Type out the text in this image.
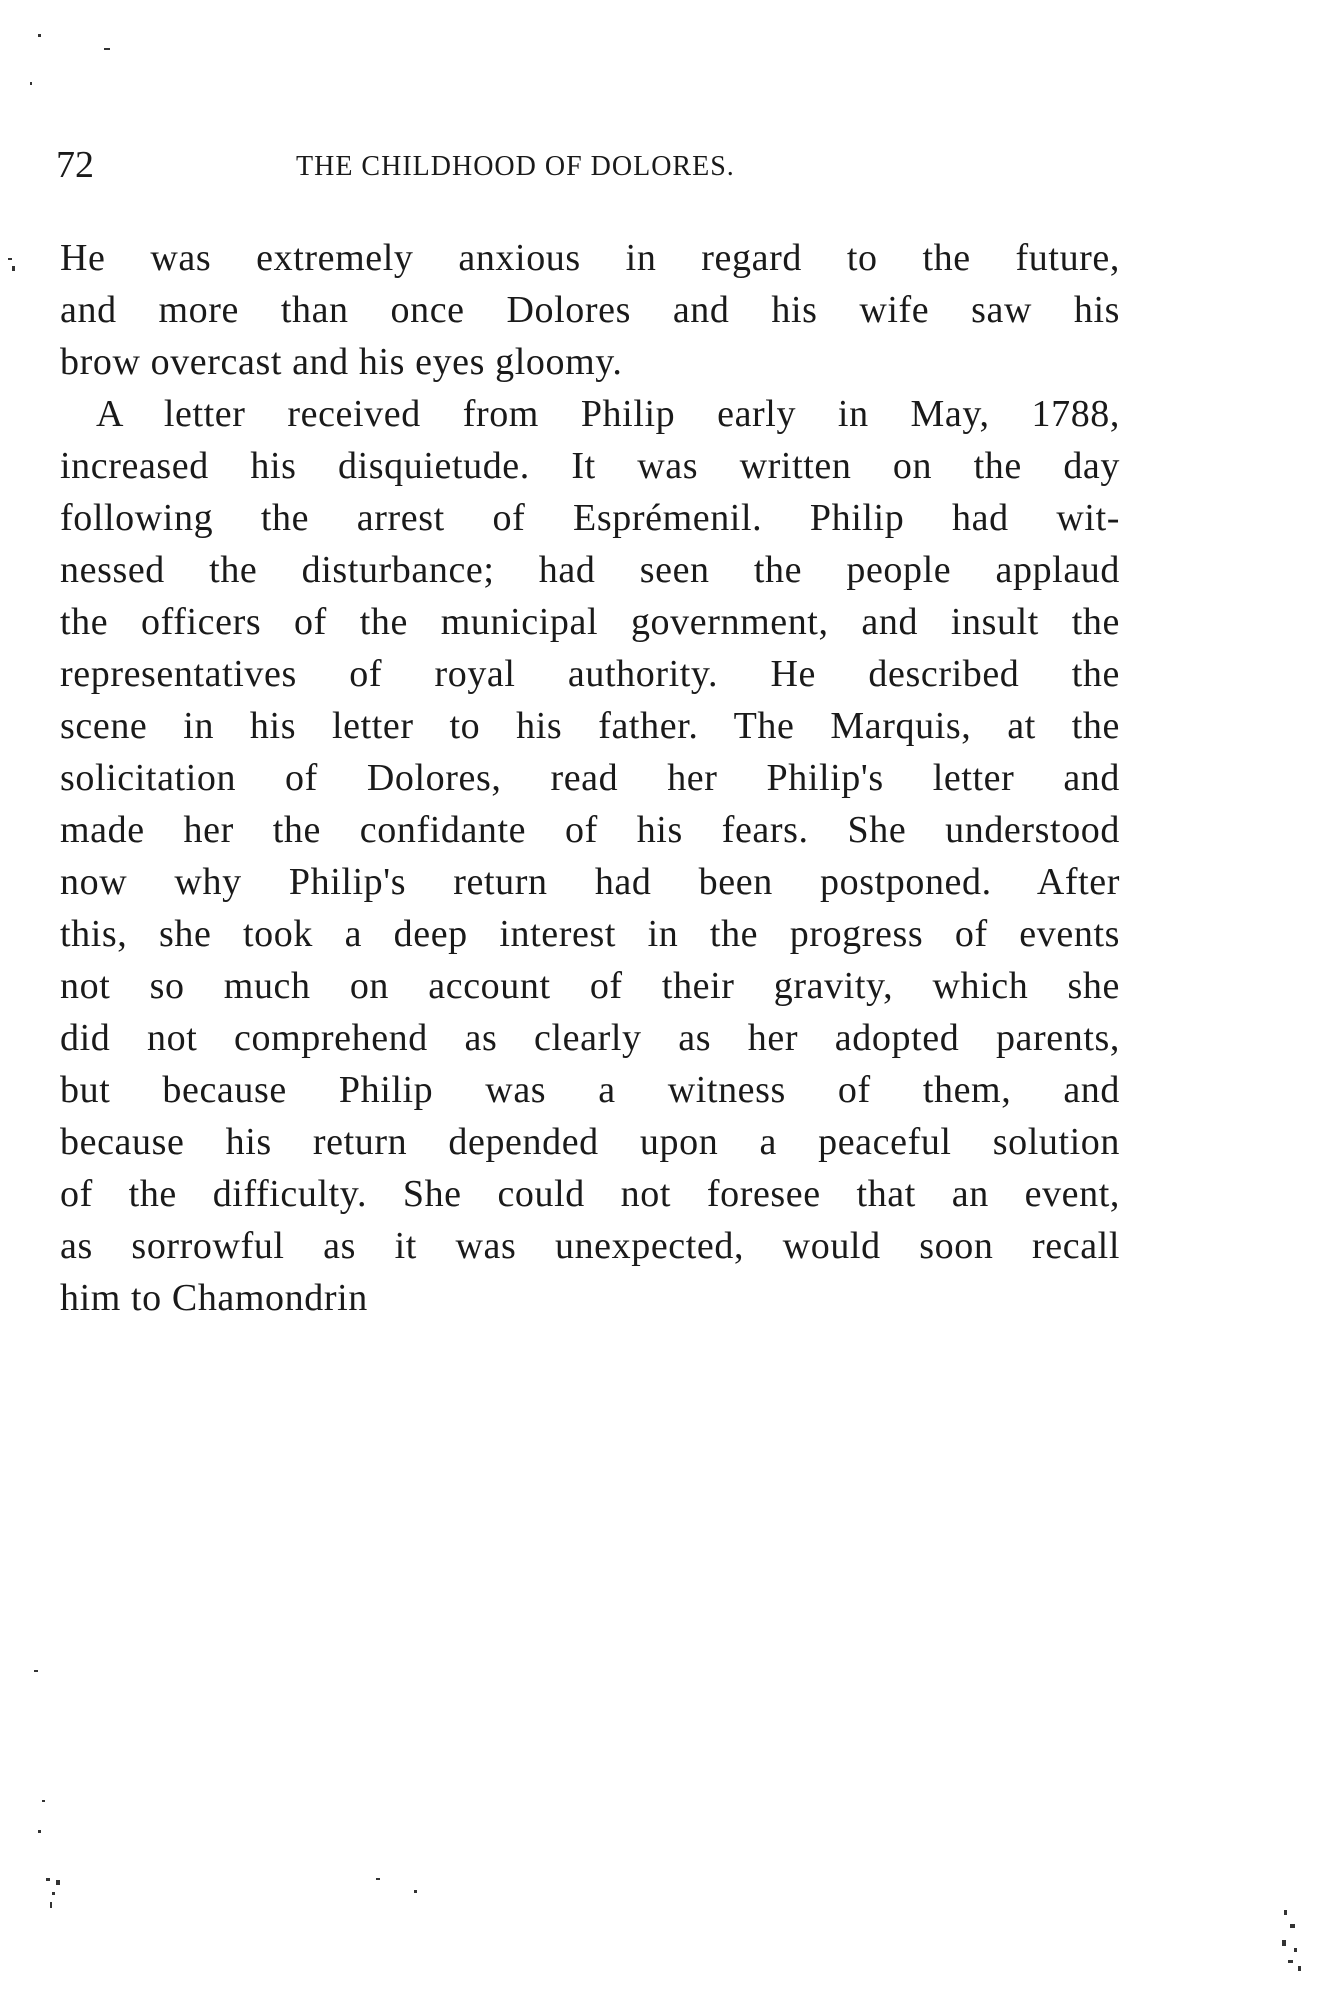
72	THE CHILDHOOD OF DOLORES.
He was extremely anxious in regard to the future,
and more than once Dolores and his wife saw his
brow overcast and his eyes gloomy.
A letter received from Philip early in May, 1788,
increased his disquietude. It was written on the day
following the arrest of Esprémenil. Philip had wit-
nessed the disturbance; had seen the people applaud
the officers of the municipal government, and insult the
representatives of royal authority. He described the
scene in his letter to his father. The Marquis, at the
solicitation of Dolores, read her Philip's letter and
made her the confidante of his fears. She understood
now why Philip's return had been postponed. After
this, she took a deep interest in the progress of events
not so much on account of their gravity, which she
did not comprehend as clearly as her adopted parents,
but because Philip was a witness of them, and
because his return depended upon a peaceful solution
of the difficulty. She could not foresee that an event,
as sorrowful as it was unexpected, would soon recall
him to Chamondrin
